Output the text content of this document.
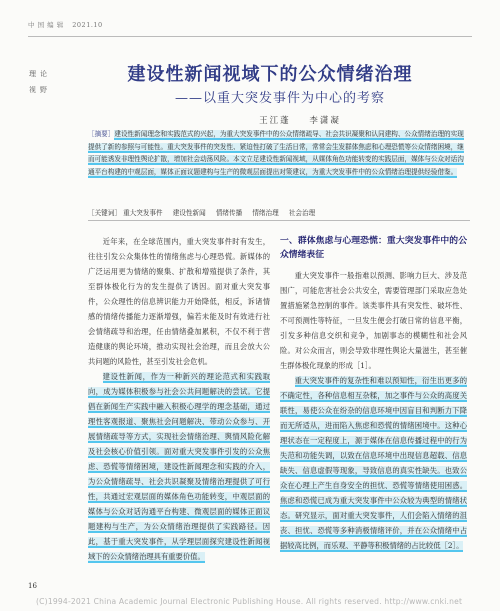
中 国 编 辑 2021.10
理论
视野
建设性新闻视域下的公众情绪治理
——以重大突发事件为中心的考察
王江蓬 李潇凝
［摘要］建设性新闻理念和实践范式的兴起，为重大突发事件中的公众情绪疏导、社会共识凝聚和认同建构、公众情绪治理的实现提供了新的参照与可能性。重大突发事件的突发性、紧迫性打破了生活日常，常常会生发群体焦虑和心理恐慌等公众情绪困境，继而可能诱发非理性舆论扩散，增加社会动荡风险。本文立足建设性新闻视域，从媒体角色功能转变的实践层面，媒体与公众对话沟通平台构建的中观层面，媒体正面议题建构与生产的微观层面提出对策建议，为重大突发事件中的公众情绪治理提供经验借鉴。
［关键词］ 重大突发事件 建设性新闻 情绪传播 情绪治理 社会治理

近年来，在全球范围内，重大突发事件时有发生，往往引发公众集体性的情绪焦虑与心理恐慌。新媒体的广泛运用更为情绪的聚集、扩散和增殖提供了条件，其至群体极化行为的发生提供了诱因。面对重大突发事件，公众理性的信息辨识能力开始降低，相反，诉诸情感的情绪传播能力逐渐增强，偏若未能及时有效进行社会情绪疏导和治理，任由情绪叠加累积，不仅不利于营造健康的舆论环境，推动实现社会治理，而且会放大公共问题的风险性，甚至引发社会危机。

建设性新闻，作为一种新兴的理论范式和实践取向，成为媒体积极参与社会公共问题解决的尝试。它提倡在新闻生产实践中融入积极心理学的理念基础，通过理性客观报道、聚焦社会问题解决、带动公众参与、开展情绪疏导等方式，实现社会情绪治理、舆情风险化解及社会核心价值引领。面对重大突发事件引发的公众焦虑、恐慌等情绪困境，建设性新闻理念和实践的介入，为公众情绪疏导、社会共识凝聚及情绪治理提供了可行性，共通过宏观层面的媒体角色功能转变，中观层面的媒体与公众对话沟通平台构建、微观层面的媒体正面议题建构与生产，为公众情绪治理提供了实践路径。因此，基于重大突发事件，从学理层面探究建设性新闻视域下的公众情绪治理具有重要价值。

一、群体焦虑与心理恐慌：重大突发事件中的公众情绪表征

重大突发事件一般指难以预测、影响力巨大、涉及范围广，可能危害社会公共安全，需要管理部门采取应急处置措施紧急控制的事件。该类事件具有突发性、破坏性、不可预测性等特征，一旦发生便会打破日常的信息平衡，引发多种信息交织和竞争，加剧事态的模糊性和社会风险。对公众而言，则会导致非理性舆论大量滋生，甚至催生群体极化现象的形成［1］。

重大突发事件的复杂性和难以预知性，衍生出更多的不确定性，各种信息相互杂糅，加之事件与公众的高度关联性，易使公众在纷杂的信息环境中因盲目和判断力下降而无所适从，进而陷入焦虑和恐慌的情绪困境中。这种心理状态在一定程度上，源于媒体在信息传播过程中的行为失范和功能失调，以致在信息环境中出现信息超载、信息缺失、信息虚假等现象，导致信息的真实性缺失。也致公众在心理上产生自身安全的担忧、恐慌等情绪使用困惑。焦虑和恐慌已成为重大突发事件中公众较为典型的情绪状态。研究显示，面对重大突发事件，人们会陷入情绪的沮丧、担忧、恐慌等多种消极情绪评价，并在公众情绪中占据较高比例，而乐观、平静等积极情绪的占比较低［2］。

16
(C)1994-2021 China Academic Journal Electronic Publishing House. All rights reserved. http://www.cnki.net
